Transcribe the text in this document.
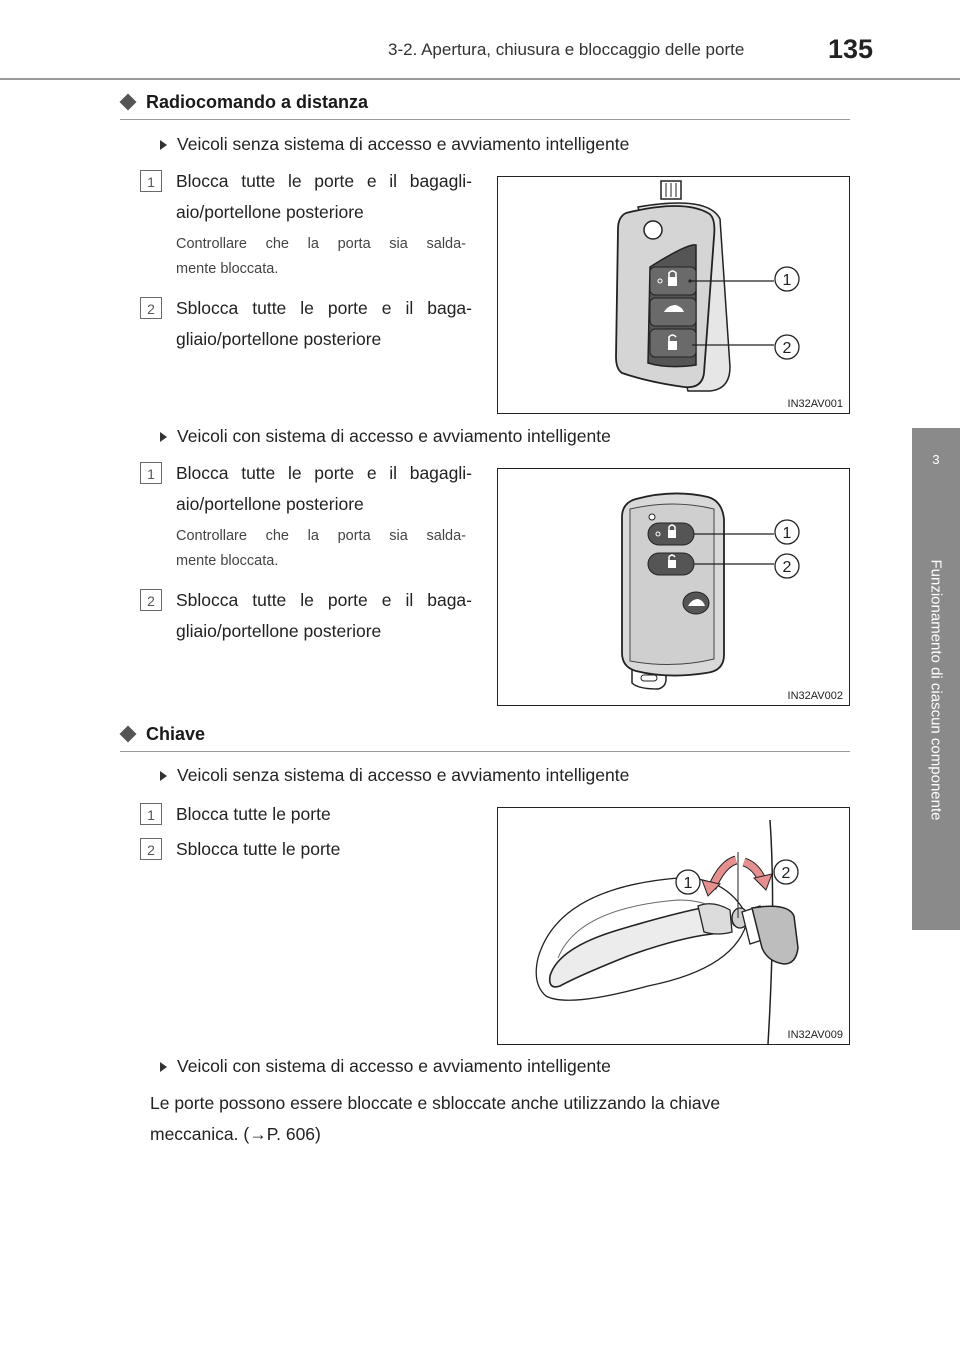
3-2. Apertura, chiusura e bloccaggio delle porte	135
3
Funzionamento di ciascun componente
Radiocomando a distanza
Veicoli senza sistema di accesso e avviamento intelligente
1	Blocca tutte le porte e il bagagli-
aio/portellone posteriore
Controllare che la porta sia salda-
mente bloccata.
2	Sblocca tutte le porte e il baga-
gliaio/portellone posteriore
1
2
IN32AV001
Veicoli con sistema di accesso e avviamento intelligente
1	Blocca tutte le porte e il bagagli-
aio/portellone posteriore
Controllare che la porta sia salda-
mente bloccata.
2	Sblocca tutte le porte e il baga-
gliaio/portellone posteriore
1
2
IN32AV002
Chiave
Veicoli senza sistema di accesso e avviamento intelligente
1	Blocca tutte le porte
2	Sblocca tutte le porte
1
2
IN32AV009
Veicoli con sistema di accesso e avviamento intelligente
Le porte possono essere bloccate e sbloccate anche utilizzando la chiave
meccanica. (→P. 606)
